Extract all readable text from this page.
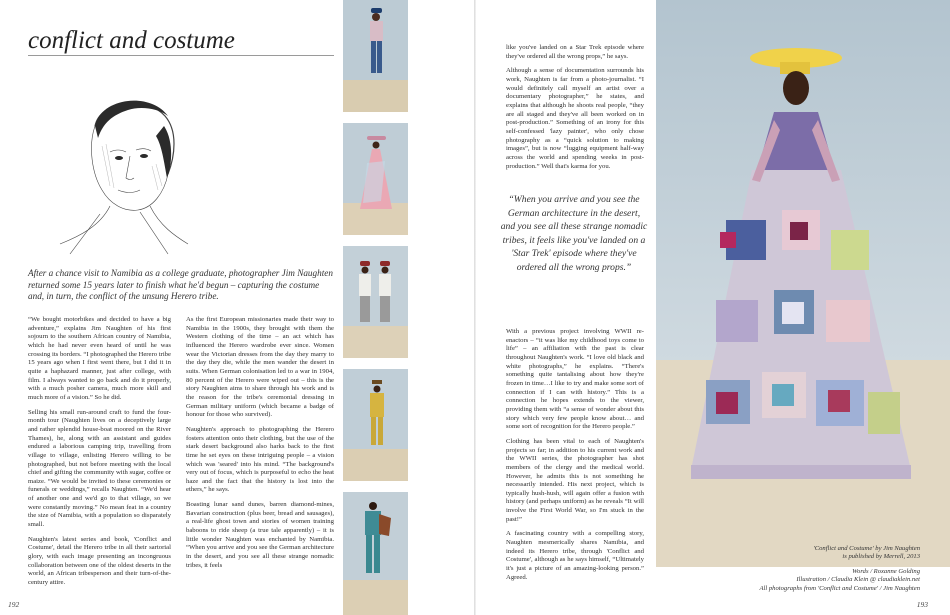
conflict and costume
After a chance visit to Namibia as a college graduate, photographer Jim Naughten returned some 15 years later to finish what he'd begun – capturing the costume and, in turn, the conflict of the unsung Herero tribe.

“We bought motorbikes and decided to have a big adventure,” explains Jim Naughten of his first sojourn to the southern African country of Namibia, which he had never even heard of until he was crossing its borders. “I photographed the Herero tribe 15 years ago when I first went there, but I did it in quite a haphazard manner, just after college, with film. I always wanted to go back and do it properly, with a much posher camera, much more skill and much more of a vision.” So he did.

Selling his small run-around craft to fund the four-month tour (Naughten lives on a deceptively large and rather splendid house-boat moored on the River Thames), he, along with an assistant and guides endured a laborious camping trip, travelling from village to village, enlisting Herero willing to be photographed, but not before meeting with the local chief and gifting the community with sugar, coffee or maize. “We would be invited to these ceremonies or funerals or weddings,” recalls Naughten. “We'd hear of another one and we'd go to that village, so we were constantly moving.” No mean feat in a country the size of Namibia, with a population so disparately small.

Naughten's latest series and book, 'Conflict and Costume', detail the Herero tribe in all their sartorial glory, with each image presenting an incongruous collaboration between one of the oldest deserts in the world, an African tribesperson and their turn-of-the-century attire.

As the first European missionaries made their way to Namibia in the 1900s, they brought with them the Western clothing of the time – an act which has influenced the Herero wardrobe ever since. Women wear the Victorian dresses from the day they marry to the day they die, while the men wander the desert in suits. When German colonisation led to a war in 1904, 80 percent of the Herero were wiped out – this is the story Naughten aims to share through his work and is the reason for the tribe's ceremonial dressing in German military uniform (which became a badge of honour for those who survived).

Naughten's approach to photographing the Herero fosters attention onto their clothing, but the use of the stark desert background also harks back to the first time he set eyes on these intriguing people – a vision which was 'seared' into his mind. “The background's very out of focus, which is purposeful to echo the heat haze and the fact that the history is lost into the ethers,” he says.

Boasting lunar sand dunes, barren diamond-mines, Bavarian construction (plus beer, bread and sausages), a real-life ghost town and stories of women training baboons to ride sheep (a true tale apparently) – it is little wonder Naughten was enchanted by Namibia. “When you arrive and you see the German architecture in the desert, and you see all these strange nomadic tribes, it feels

like you've landed on a Star Trek episode where they've ordered all the wrong props,” he says.

Although a sense of documentation surrounds his work, Naughten is far from a photo-journalist. “I would definitely call myself an artist over a documentary photographer,” he states, and explains that although he shoots real people, “they are all staged and they've all been worked on in post-production.” Something of an irony for this self-confessed 'lazy painter', who only chose photography as a “quick solution to making images”, but is now “lugging equipment half-way across the world and spending weeks in post-production.” Well that's karma for you.

“When you arrive and you see the German architecture in the desert, and you see all these strange nomadic tribes, it feels like you've landed on a 'Star Trek' episode where they've ordered all the wrong props.”

With a previous project involving WWII re-enactors – “it was like my childhood toys come to life” – an affiliation with the past is clear throughout Naughten's work. “I love old black and white photographs,” he explains. “There's something quite tantalising about how they're frozen in time…I like to try and make some sort of connection if I can with history.” This is a connection he hopes extends to the viewer, providing them with “a sense of wonder about this story which very few people know about… and some sort of recognition for the Herero people.”

Clothing has been vital to each of Naughten's projects so far; in addition to his current work and the WWII series, the photographer has shot members of the clergy and the medical world. However, he admits this is not something he necessarily intended. His next project, which is typically hush-hush, will again offer a fusion with history (and perhaps uniform) as he reveals “It will involve the First World War, so I'm stuck in the past!”

A fascinating country with a compelling story, Naughten mesmerically shares Namibia, and indeed its Herero tribe, through 'Conflict and Costume', although as he says himself, “Ultimately it's just a picture of an amazing-looking person.” Agreed.

'Conflict and Costume' by Jim Naughten
is published by Merrell, 2013
Words / Roxanne Golding
Illustration / Claudia Klein @ claudiaklein.net
All photographs from 'Conflict and Costume' / Jim Naughten
192	193
